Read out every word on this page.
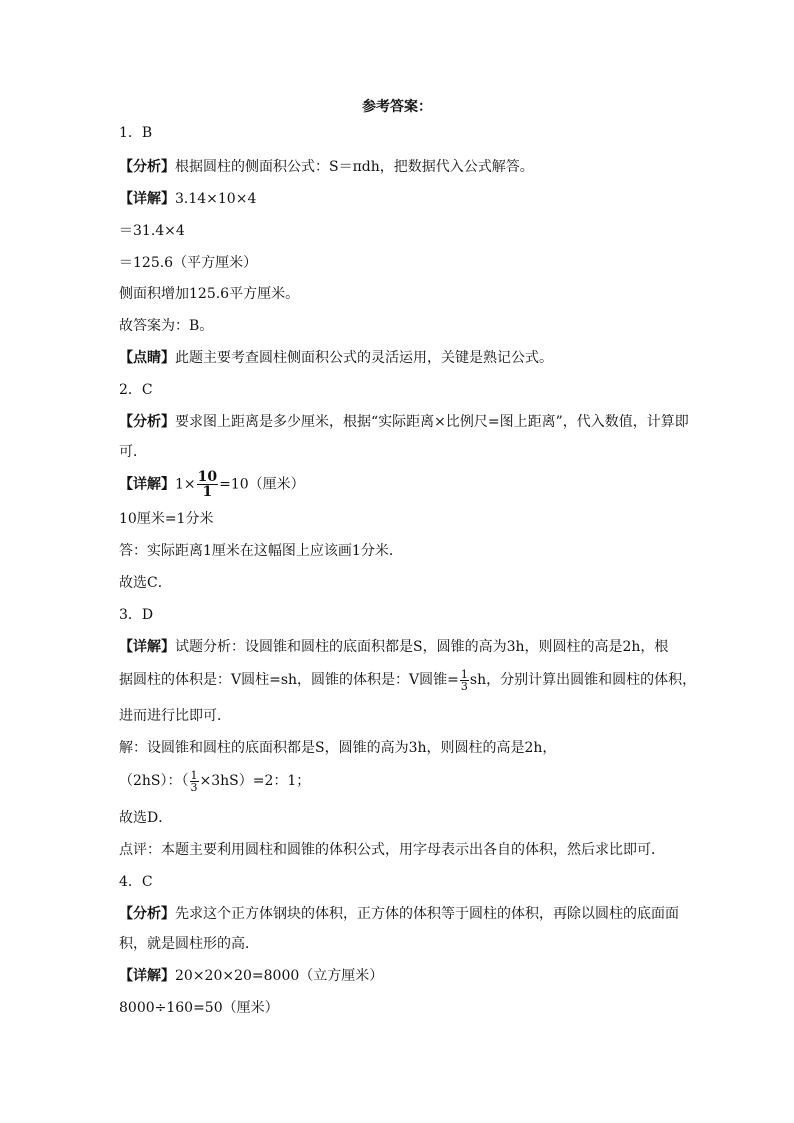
参考答案：
1．B
【分析】根据圆柱的侧面积公式：S＝πdh，把数据代入公式解答。
【详解】3.14×10×4
＝31.4×4
＝125.6（平方厘米）
侧面积增加125.6平方厘米。
故答案为：B。
【点睛】此题主要考查圆柱侧面积公式的灵活运用，关键是熟记公式。
2．C
【分析】要求图上距离是多少厘米，根据“实际距离×比例尺=图上距离”，代入数值，计算即
可．
【详解】$1\times \frac{10}{1} =10$（厘米）
10厘米=1分米
答：实际距离1厘米在这幅图上应该画1分米．
故选C．
3．D
【详解】试题分析：设圆锥和圆柱的底面积都是S，圆锥的高为3h，则圆柱的高是2h，根
据圆柱的体积是：V圆柱=sh，圆锥的体积是：V圆锥= $\frac{1}{3}$ sh，分别计算出圆锥和圆柱的体积，
进而进行比即可．
解：设圆锥和圆柱的底面积都是S，圆锥的高为3h，则圆柱的高是2h，
（2hS）：（ $\frac{1}{3} \times 3hS)=2$：1；
故选D．
点评：本题主要利用圆柱和圆锥的体积公式，用字母表示出各自的体积，然后求比即可．
4．C
【分析】先求这个正方体钢块的体积，正方体的体积等于圆柱的体积，再除以圆柱的底面面
积，就是圆柱形的高．
【详解】20×20×20=8000（立方厘米）
8000÷160=50（厘米）
